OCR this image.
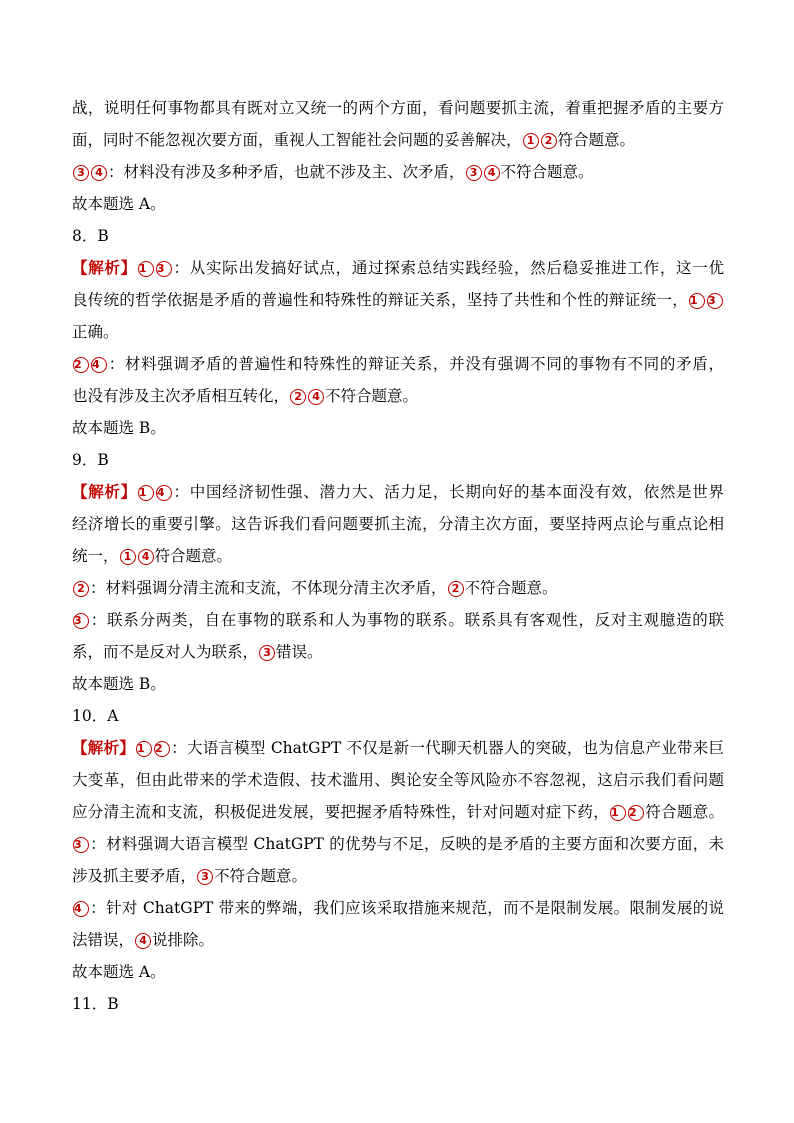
战，说明任何事物都具有既对立又统一的两个方面，看问题要抓主流，着重把握矛盾的主要方
面，同时不能忽视次要方面，重视人工智能社会问题的妥善解决， 1 2 符合题意。
3 4 ：材料没有涉及多种矛盾，也就不涉及主、次矛盾， 3 4 不符合题意。
故本题选 A。
8．B
【解析】 1 3 ：从实际出发搞好试点，通过探索总结实践经验，然后稳妥推进工作，这一优
良传统的哲学依据是矛盾的普遍性和特殊性的辩证关系，坚持了共性和个性的辩证统一， 1 3
正确。
2 4 ：材料强调矛盾的普遍性和特殊性的辩证关系，并没有强调不同的事物有不同的矛盾，
也没有涉及主次矛盾相互转化， 2 4 不符合题意。
故本题选 B。
9．B
【解析】 1 4 ：中国经济韧性强、潜力大、活力足，长期向好的基本面没有效，依然是世界
经济增长的重要引擎。这告诉我们看问题要抓主流，分清主次方面，要坚持两点论与重点论相
统一， 1 4 符合题意。
2 ：材料强调分清主流和支流，不体现分清主次矛盾， 2 不符合题意。
3 ：联系分两类，自在事物的联系和人为事物的联系。联系具有客观性，反对主观臆造的联
系，而不是反对人为联系， 3 错误。
故本题选 B。
10．A
【解析】 1 2 ：大语言模型 ChatGPT 不仅是新一代聊天机器人的突破，也为信息产业带来巨
大变革，但由此带来的学术造假、技术滥用、舆论安全等风险亦不容忽视，这启示我们看问题
应分清主流和支流，积极促进发展，要把握矛盾特殊性，针对问题对症下药， 1 2 符合题意。
3 ：材料强调大语言模型 ChatGPT 的优势与不足，反映的是矛盾的主要方面和次要方面，未
涉及抓主要矛盾， 3 不符合题意。
4 ：针对 ChatGPT 带来的弊端，我们应该采取措施来规范，而不是限制发展。限制发展的说
法错误， 4 说排除。
故本题选 A。
11．B
